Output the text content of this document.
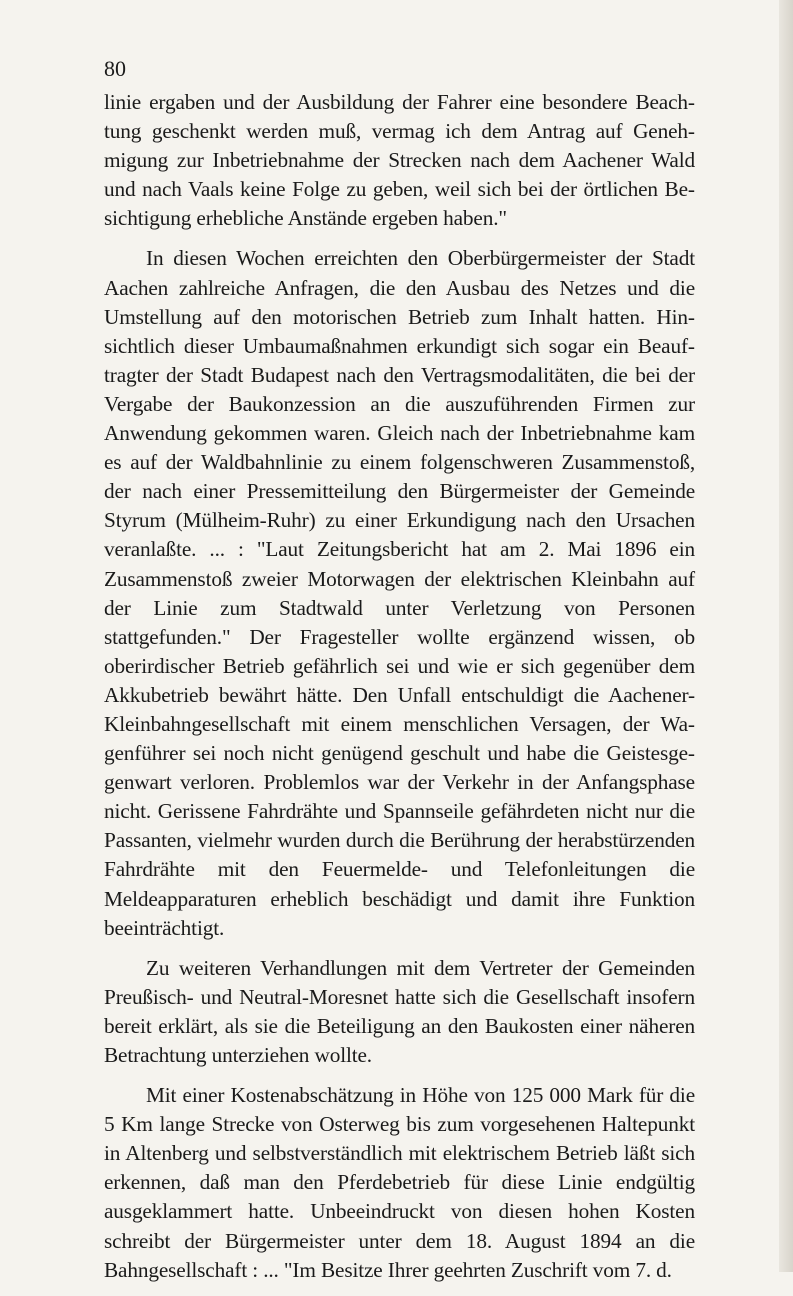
80

linie ergaben und der Ausbildung der Fahrer eine besondere Beachtung geschenkt werden muß, vermag ich dem Antrag auf Genehmigung zur Inbetriebnahme der Strecken nach dem Aachener Wald und nach Vaals keine Folge zu geben, weil sich bei der örtlichen Besichtigung erhebliche Anstände ergeben haben."

In diesen Wochen erreichten den Oberbürgermeister der Stadt Aachen zahlreiche Anfragen, die den Ausbau des Netzes und die Umstellung auf den motorischen Betrieb zum Inhalt hatten. Hinsichtlich dieser Umbaumaßnahmen erkundigt sich sogar ein Beauftragter der Stadt Budapest nach den Vertragsmodalitäten, die bei der Vergabe der Baukonzession an die auszuführenden Firmen zur Anwendung gekommen waren. Gleich nach der Inbetriebnahme kam es auf der Waldbahnlinie zu einem folgenschweren Zusammenstoß, der nach einer Pressemitteilung den Bürgermeister der Gemeinde Styrum (Mülheim-Ruhr) zu einer Erkundigung nach den Ursachen veranlaßte. ... : "Laut Zeitungsbericht hat am 2. Mai 1896 ein Zusammenstoß zweier Motorwagen der elektrischen Kleinbahn auf der Linie zum Stadtwald unter Verletzung von Personen stattgefunden." Der Fragesteller wollte ergänzend wissen, ob oberirdischer Betrieb gefährlich sei und wie er sich gegenüber dem Akkubetrieb bewährt hätte. Den Unfall entschuldigt die Aachener-Kleinbahngesellschaft mit einem menschlichen Versagen, der Wagenführer sei noch nicht genügend geschult und habe die Geistesgegenwart verloren. Problemlos war der Verkehr in der Anfangsphase nicht. Gerissene Fahrdrähte und Spannseile gefährdeten nicht nur die Passanten, vielmehr wurden durch die Berührung der herabstürzenden Fahrdrähte mit den Feuermelde- und Telefonleitungen die Meldeapparaturen erheblich beschädigt und damit ihre Funktion beeinträchtigt.

Zu weiteren Verhandlungen mit dem Vertreter der Gemeinden Preußisch- und Neutral-Moresnet hatte sich die Gesellschaft insofern bereit erklärt, als sie die Beteiligung an den Baukosten einer näheren Betrachtung unterziehen wollte.

Mit einer Kostenabschätzung in Höhe von 125 000 Mark für die 5 Km lange Strecke von Osterweg bis zum vorgesehenen Haltepunkt in Altenberg und selbstverständlich mit elektrischem Betrieb läßt sich erkennen, daß man den Pferdebetrieb für diese Linie endgültig ausgeklammert hatte. Unbeeindruckt von diesen hohen Kosten schreibt der Bürgermeister unter dem 18. August 1894 an die Bahngesellschaft : ... "Im Besitze Ihrer geehrten Zuschrift vom 7. d.
